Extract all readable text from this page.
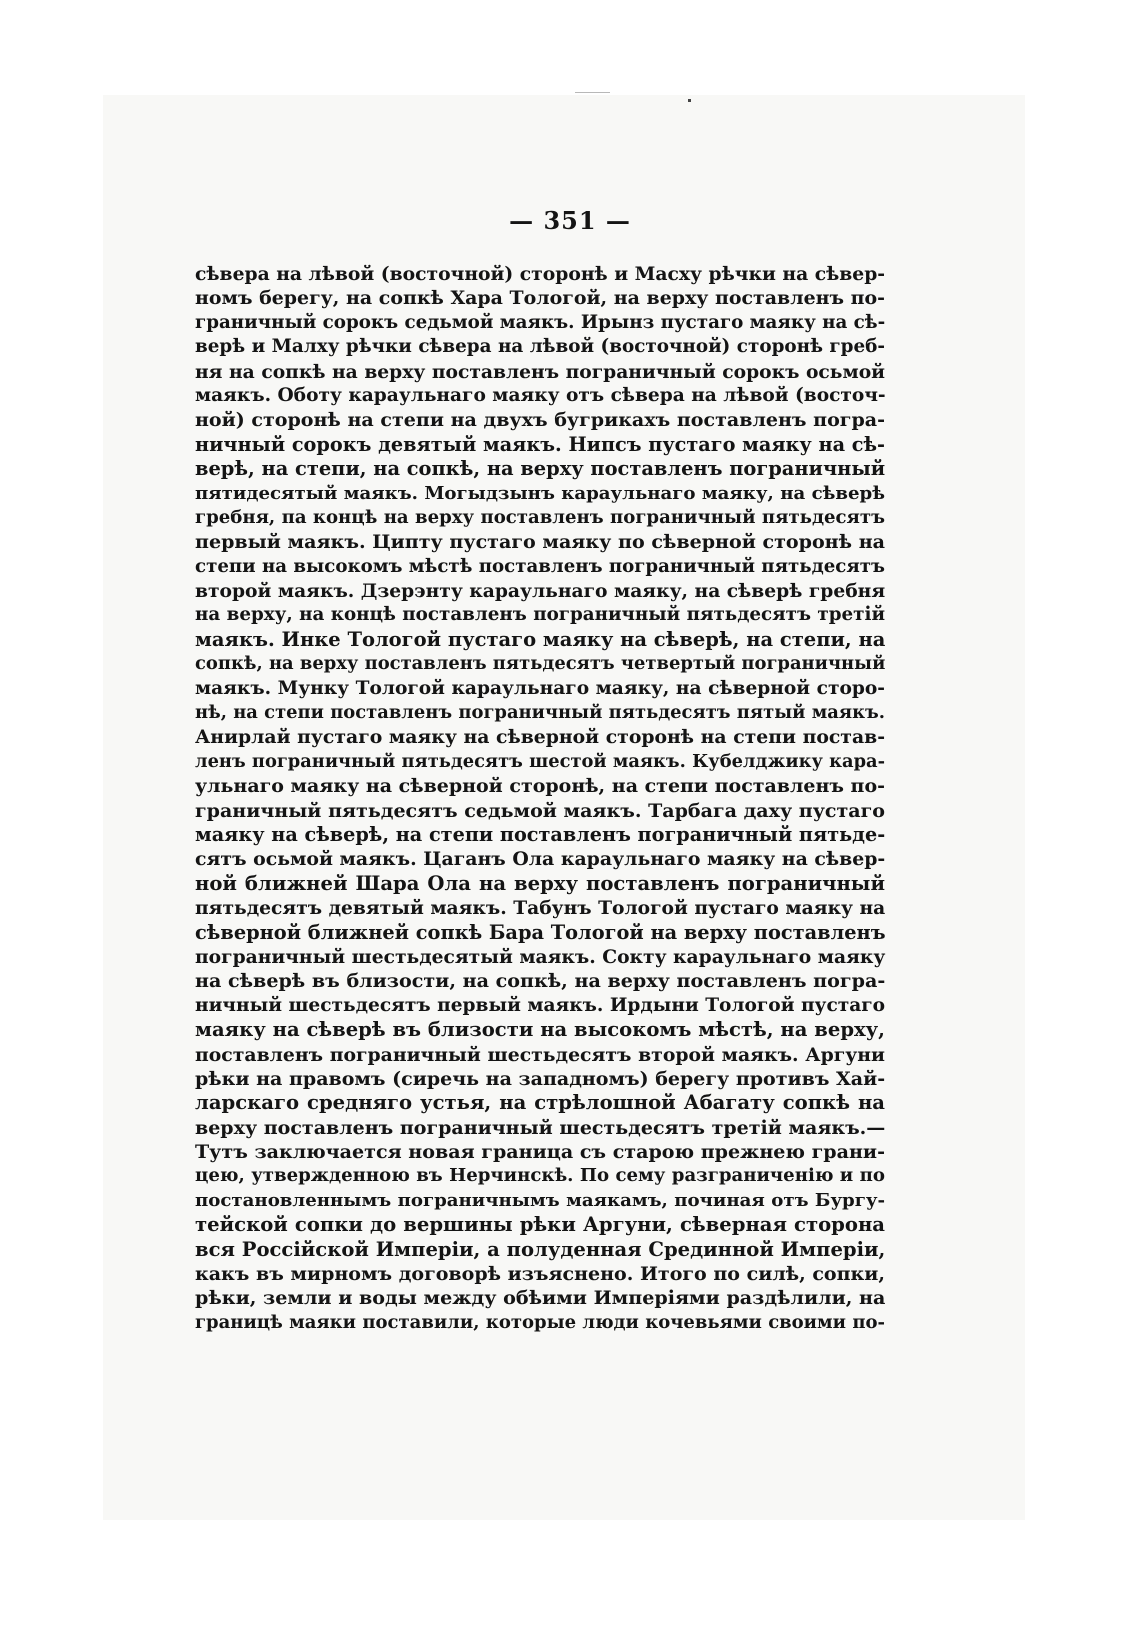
— 351 —
сѣвера на лѣвой (восточной) сторонѣ и Масху рѣчки на сѣвер-
номъ берегу, на сопкѣ Хара Тологой, на верху поставленъ по-
граничный сорокъ седьмой маякъ. Ирынз пустаго маяку на сѣ-
верѣ и Малху рѣчки сѣвера на лѣвой (восточной) сторонѣ греб-
ня на сопкѣ на верху поставленъ пограничный сорокъ осьмой
маякъ. Оботу караульнаго маяку отъ сѣвера на лѣвой (восточ-
ной) сторонѣ на степи на двухъ бугрикахъ поставленъ погра-
ничный сорокъ девятый маякъ. Нипсъ пустаго маяку на сѣ-
верѣ, на степи, на сопкѣ, на верху поставленъ пограничный
пятидесятый маякъ. Могыдзынъ караульнаго маяку, на сѣверѣ
гребня, па концѣ на верху поставленъ пограничный пятьдесятъ
первый маякъ. Ципту пустаго маяку по сѣверной сторонѣ на
степи на высокомъ мѣстѣ поставленъ пограничный пятьдесятъ
второй маякъ. Дзерэнту караульнаго маяку, на сѣверѣ гребня
на верху, на концѣ поставленъ пограничный пятьдесятъ третій
маякъ. Инке Тологой пустаго маяку на сѣверѣ, на степи, на
сопкѣ, на верху поставленъ пятьдесятъ четвертый пограничный
маякъ. Мунку Тологой караульнаго маяку, на сѣверной сторо-
нѣ, на степи поставленъ пограничный пятьдесятъ пятый маякъ.
Анирлай пустаго маяку на сѣверной сторонѣ на степи постав-
ленъ пограничный пятьдесятъ шестой маякъ. Кубелджику кара-
ульнаго маяку на сѣверной сторонѣ, на степи поставленъ по-
граничный пятьдесятъ седьмой маякъ. Тарбага даху пустаго
маяку на сѣверѣ, на степи поставленъ пограничный пятьде-
сятъ осьмой маякъ. Цаганъ Ола караульнаго маяку на сѣвер-
ной ближней Шара Ола на верху поставленъ пограничный
пятьдесятъ девятый маякъ. Табунъ Тологой пустаго маяку на
сѣверной ближней сопкѣ Бара Тологой на верху поставленъ
пограничный шестьдесятый маякъ. Сокту караульнаго маяку
на сѣверѣ въ близости, на сопкѣ, на верху поставленъ погра-
ничный шестьдесятъ первый маякъ. Ирдыни Тологой пустаго
маяку на сѣверѣ въ близости на высокомъ мѣстѣ, на верху,
поставленъ пограничный шестьдесятъ второй маякъ. Аргуни
рѣки на правомъ (сиречь на западномъ) берегу противъ Хай-
ларскаго средняго устья, на стрѣлошной Абагату сопкѣ на
верху поставленъ пограничный шестьдесятъ третій маякъ.—
Тутъ заключается новая граница съ старою прежнею грани-
цею, утвержденною въ Нерчинскѣ. По сему разграниченію и по
постановленнымъ пограничнымъ маякамъ, починая отъ Бургу-
тейской сопки до вершины рѣки Аргуни, сѣверная сторона
вся Россійской Имперіи, а полуденная Срединной Имперіи,
какъ въ мирномъ договорѣ изъяснено. Итого по силѣ, сопки,
рѣки, земли и воды между обѣими Имперіями раздѣлили, на
границѣ маяки поставили, которые люди кочевьями своими по-
